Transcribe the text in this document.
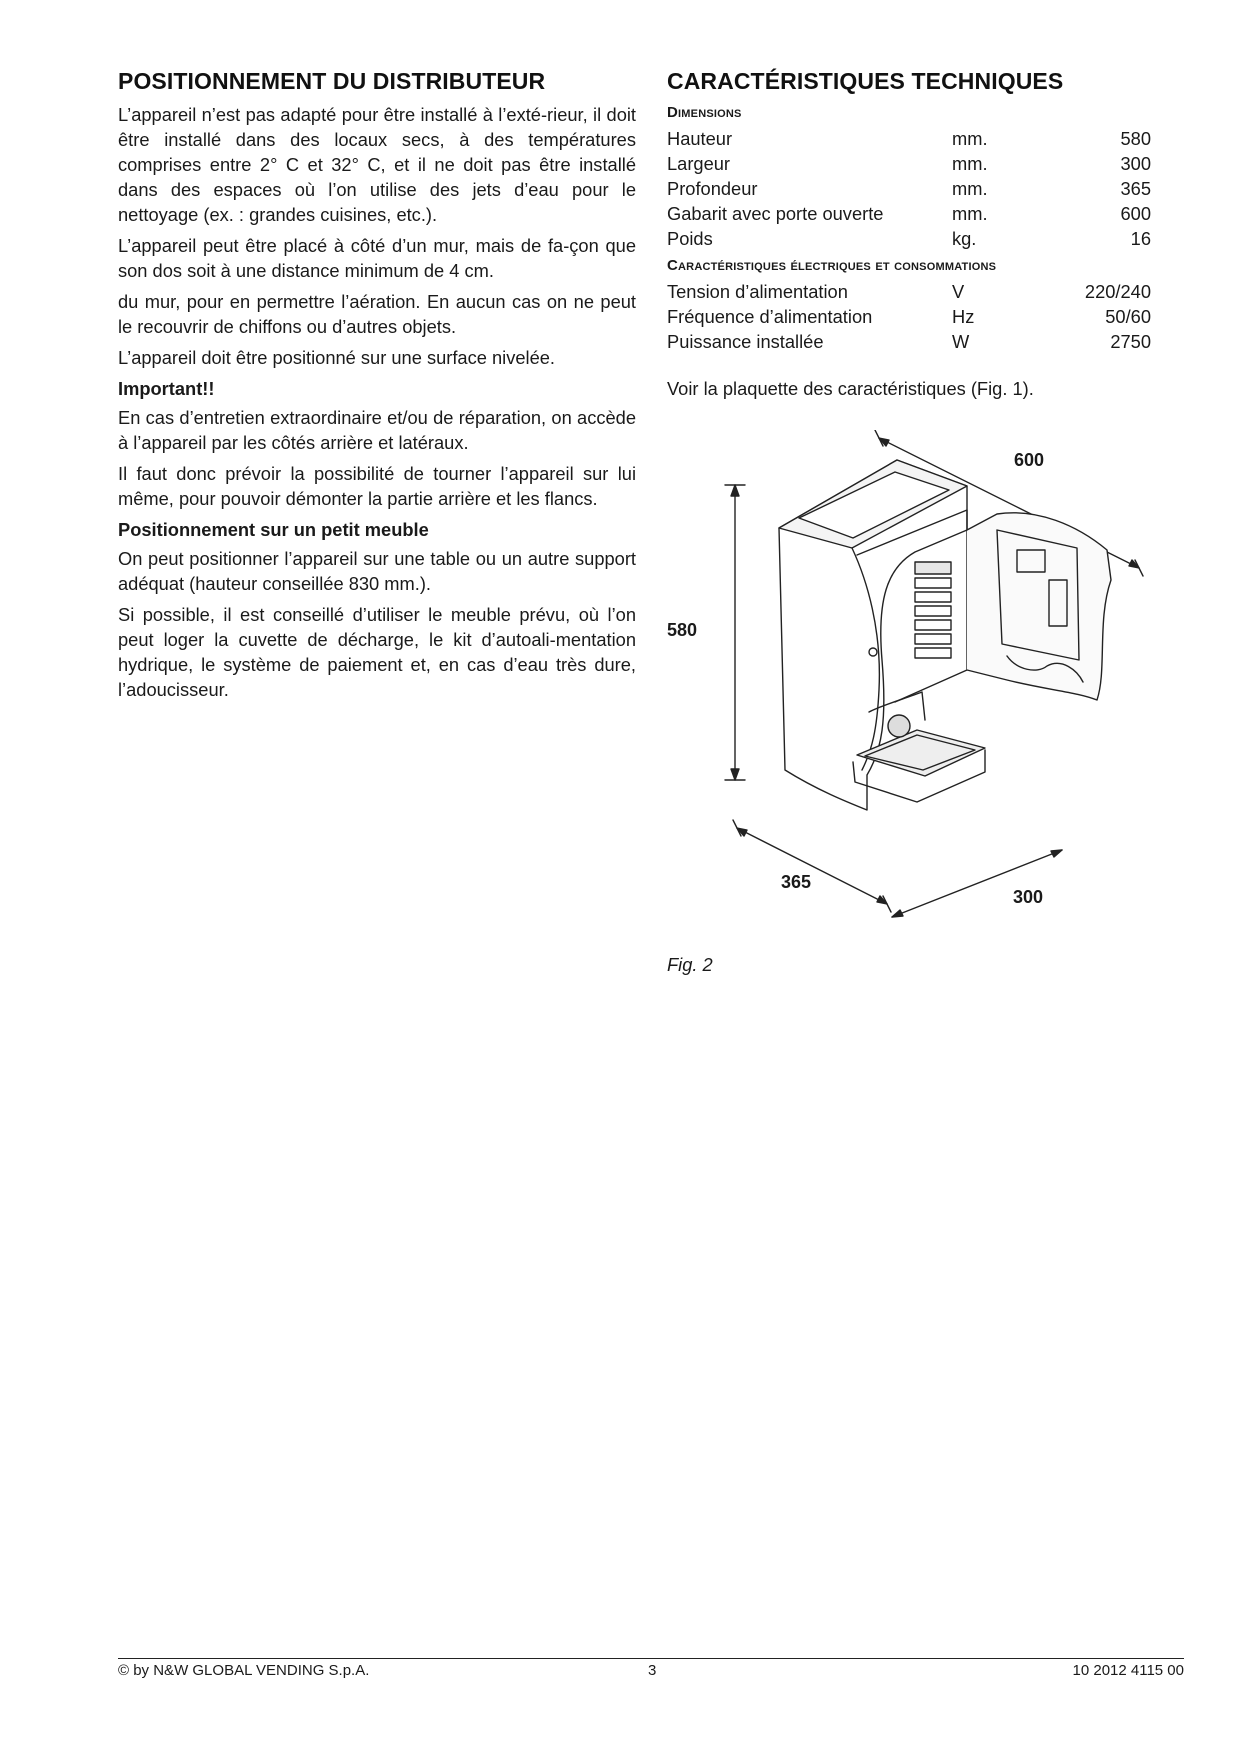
POSITIONNEMENT DU DISTRIBUTEUR

L’appareil n’est pas adapté pour être installé à l’exté-rieur, il doit être installé dans des locaux secs, à des températures comprises entre 2° C et 32° C, et il ne doit pas être installé dans des espaces où l’on utilise des jets d’eau pour le nettoyage (ex. : grandes cuisines, etc.).

L’appareil peut être placé à côté d’un mur, mais de fa-çon que son dos soit à une distance minimum de 4 cm.

du mur, pour en permettre l’aération. En aucun cas on ne peut le recouvrir de chiffons ou d’autres objets.

L’appareil doit être positionné sur une surface nivelée.

Important!!

En cas d’entretien extraordinaire et/ou de réparation, on accède à l’appareil par les côtés arrière et latéraux.

Il faut donc prévoir la possibilité de tourner l’appareil sur lui même, pour pouvoir démonter la partie arrière et les flancs.

Positionnement sur un petit meuble

On peut positionner l’appareil sur une table ou un autre support adéquat (hauteur conseillée 830 mm.).

Si possible, il est conseillé d’utiliser le meuble prévu, où l’on peut loger la cuvette de décharge, le kit d’autoali-mentation hydrique, le système de paiement et, en cas d’eau très dure, l’adoucisseur.

CARACTÉRISTIQUES TECHNIQUES
Dimensions
Hauteur	mm.	580
Largeur	mm.	300
Profondeur	mm.	365
Gabarit avec porte ouverte	mm.	600
Poids	kg.	16
Caractéristiques électriques et consommations
Tension d’alimentation	V	220/240
Fréquence d’alimentation	Hz	50/60
Puissance installée	W	2750

Voir la plaquette des caractéristiques (Fig. 1).

600
580
365
300
Fig. 2
© by N&W GLOBAL VENDING S.p.A.	3	10 2012 4115 00
